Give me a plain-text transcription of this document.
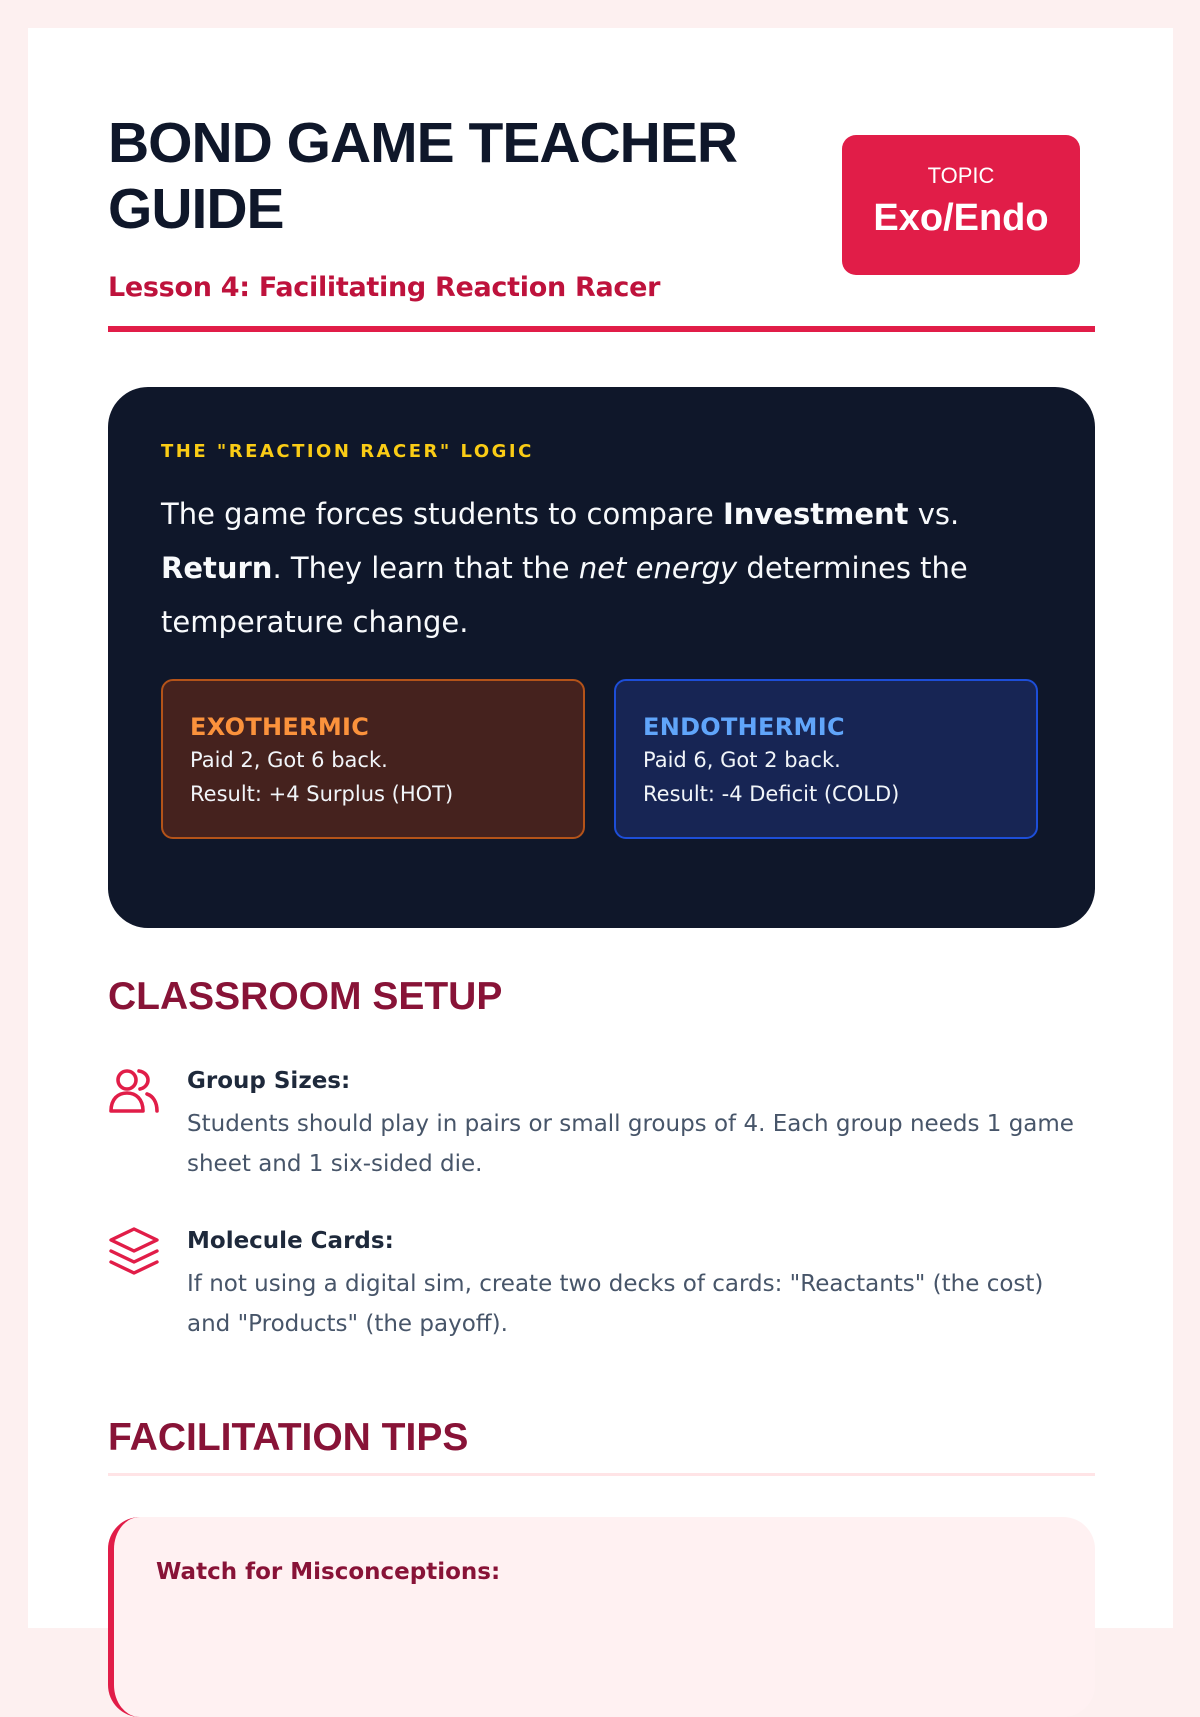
BOND GAME TEACHER GUIDE
Lesson 4: Facilitating Reaction Racer
TOPIC
Exo/Endo
THE "REACTION RACER" LOGIC

The game forces students to compare Investment vs. Return. They learn that the net energy determines the temperature change.

EXOTHERMIC
Paid 2, Got 6 back.
Result: +4 Surplus (HOT)
ENDOTHERMIC
Paid 6, Got 2 back.
Result: -4 Deficit (COLD)
CLASSROOM SETUP
Group Sizes:

Students should play in pairs or small groups of 4. Each group needs 1 game sheet and 1 six-sided die.

Molecule Cards:

If not using a digital sim, create two decks of cards: "Reactants" (the cost) and "Products" (the payoff).

FACILITATION TIPS
Watch for Misconceptions:
